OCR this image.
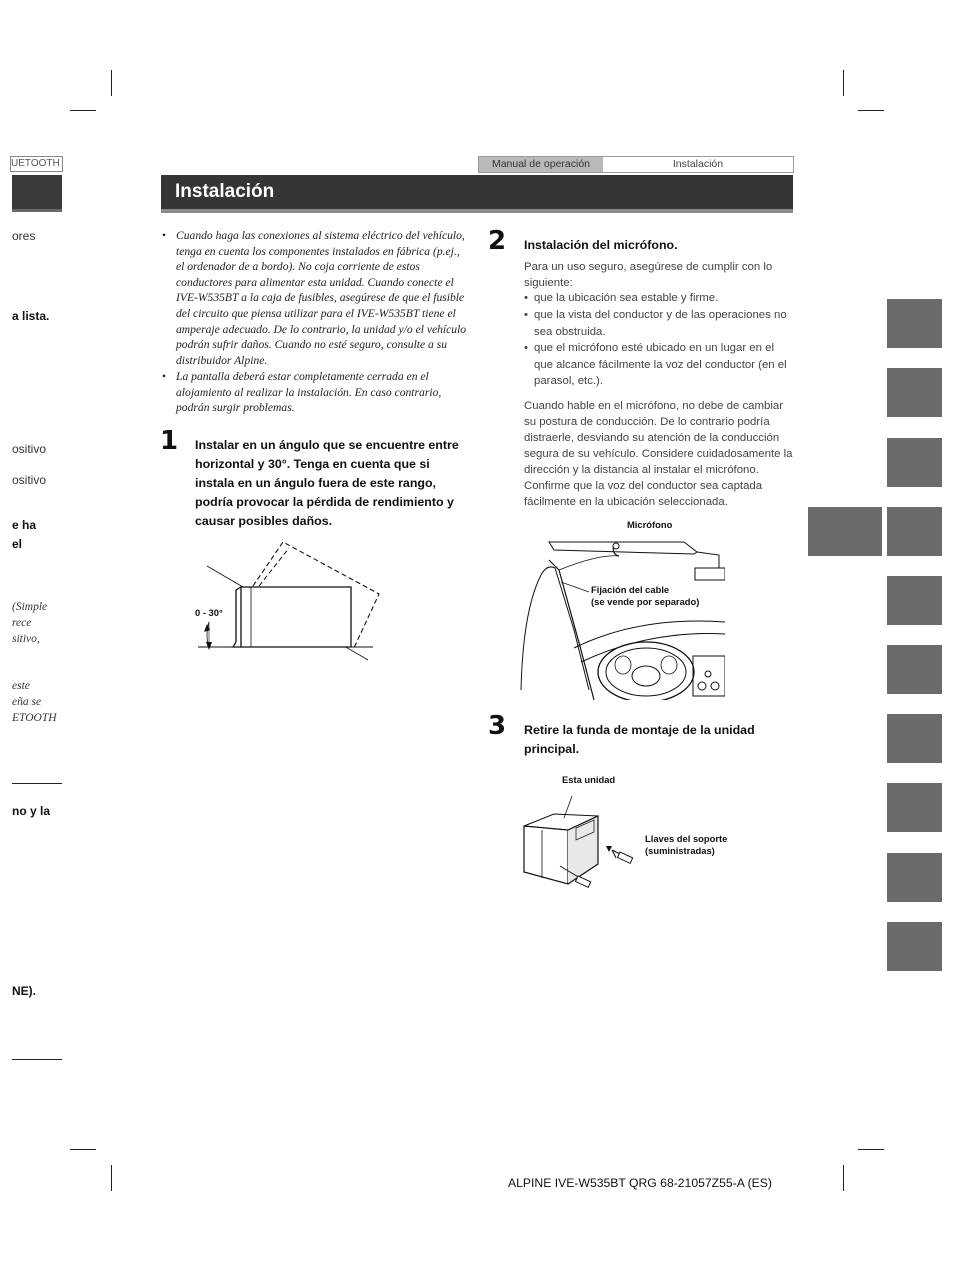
UETOOTH
ores
a lista.
ositivo
ositivo
e ha
el
(Simple
rece
sitivo,
este
eña se
ETOOTH
no y la
NE).
Manual de operación	Instalación
Instalación
• Cuando haga las conexiones al sistema eléctrico del vehículo, tenga en cuenta los componentes instalados en fábrica (p.ej., el ordenador de a bordo). No coja corriente de estos conductores para alimentar esta unidad. Cuando conecte el IVE-W535BT a la caja de fusibles, asegúrese de que el fusible del circuito que piensa utilizar para el IVE-W535BT tiene el amperaje adecuado. De lo contrario, la unidad y/o el vehículo podrán sufrir daños. Cuando no esté seguro, consulte a su distribuidor Alpine.
• La pantalla deberá estar completamente cerrada en el alojamiento al realizar la instalación. En caso contrario, podrán surgir problemas.
1 Instalar en un ángulo que se encuentre entre horizontal y 30°. Tenga en cuenta que si instala en un ángulo fuera de este rango, podría provocar la pérdida de rendimiento y causar posibles daños.
0 - 30°
2 Instalación del micrófono.
Para un uso seguro, asegúrese de cumplir con lo siguiente:
• que la ubicación sea estable y firme.
• que la vista del conductor y de las operaciones no sea obstruida.
• que el micrófono esté ubicado en un lugar en el que alcance fácilmente la voz del conductor (en el parasol, etc.).
Cuando hable en el micrófono, no debe de cambiar su postura de conducción. De lo contrario podría distraerle, desviando su atención de la conducción segura de su vehículo. Considere cuidadosamente la dirección y la distancia al instalar el micrófono. Confirme que la voz del conductor sea captada fácilmente en la ubicación seleccionada.
Micrófono
Fijación del cable
(se vende por separado)
3 Retire la funda de montaje de la unidad principal.
Esta unidad
Llaves del soporte
(suministradas)
ALPINE IVE-W535BT QRG 68-21057Z55-A (ES)
